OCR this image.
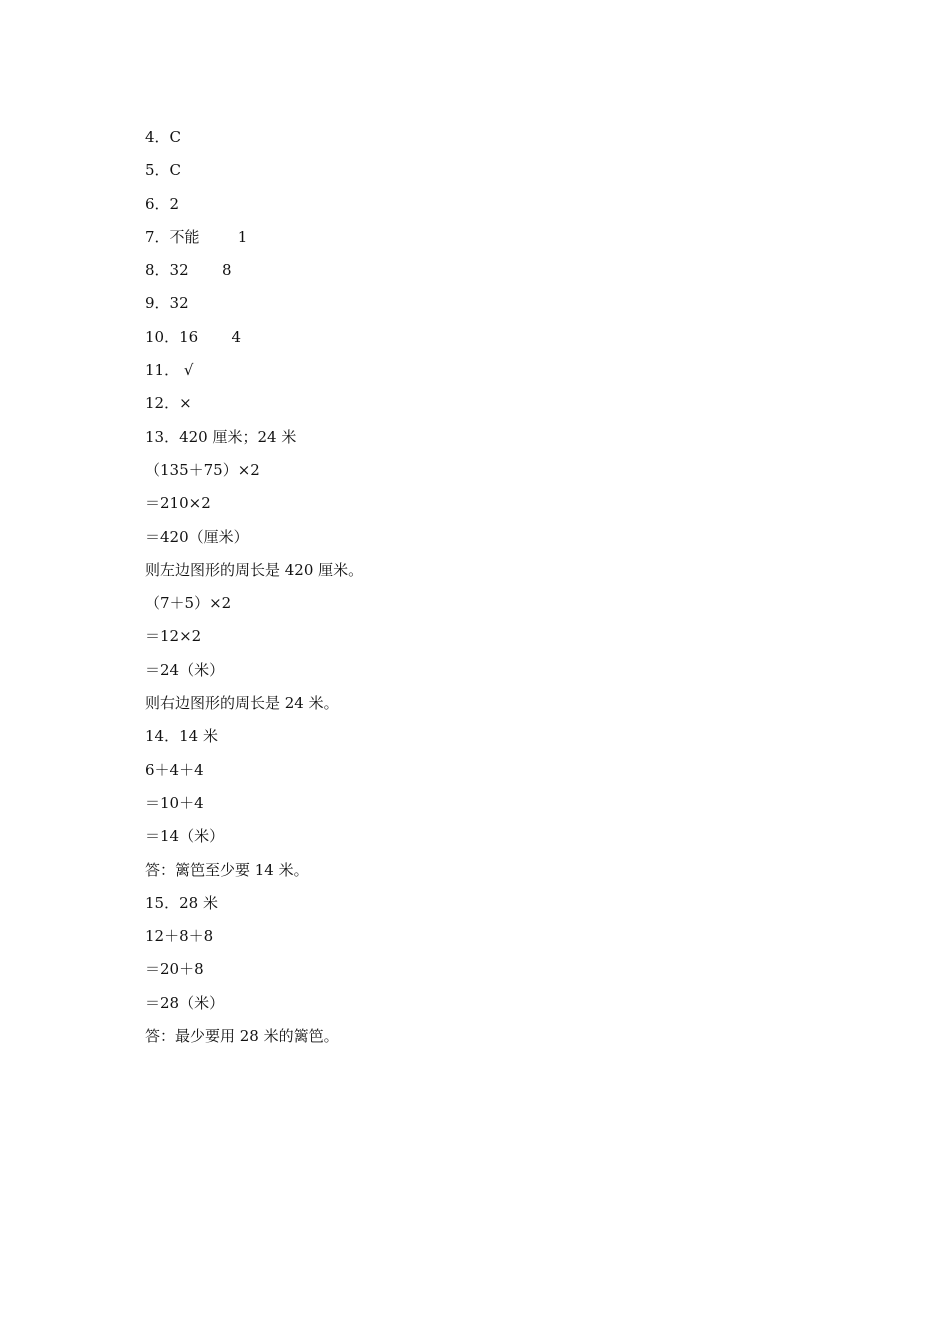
4．C
5．C
6．2
7．不能        1
8．32       8
9．32
10．16       4
11． √
12．×
13．420 厘米；24 米
（135＋75）×2
＝210×2
＝420（厘米）
则左边图形的周长是 420 厘米。
（7＋5）×2
＝12×2
＝24（米）
则右边图形的周长是 24 米。
14．14 米
6＋4＋4
＝10＋4
＝14（米）
答：篱笆至少要 14 米。
15．28 米
12＋8＋8
＝20＋8
＝28（米）
答：最少要用 28 米的篱笆。
